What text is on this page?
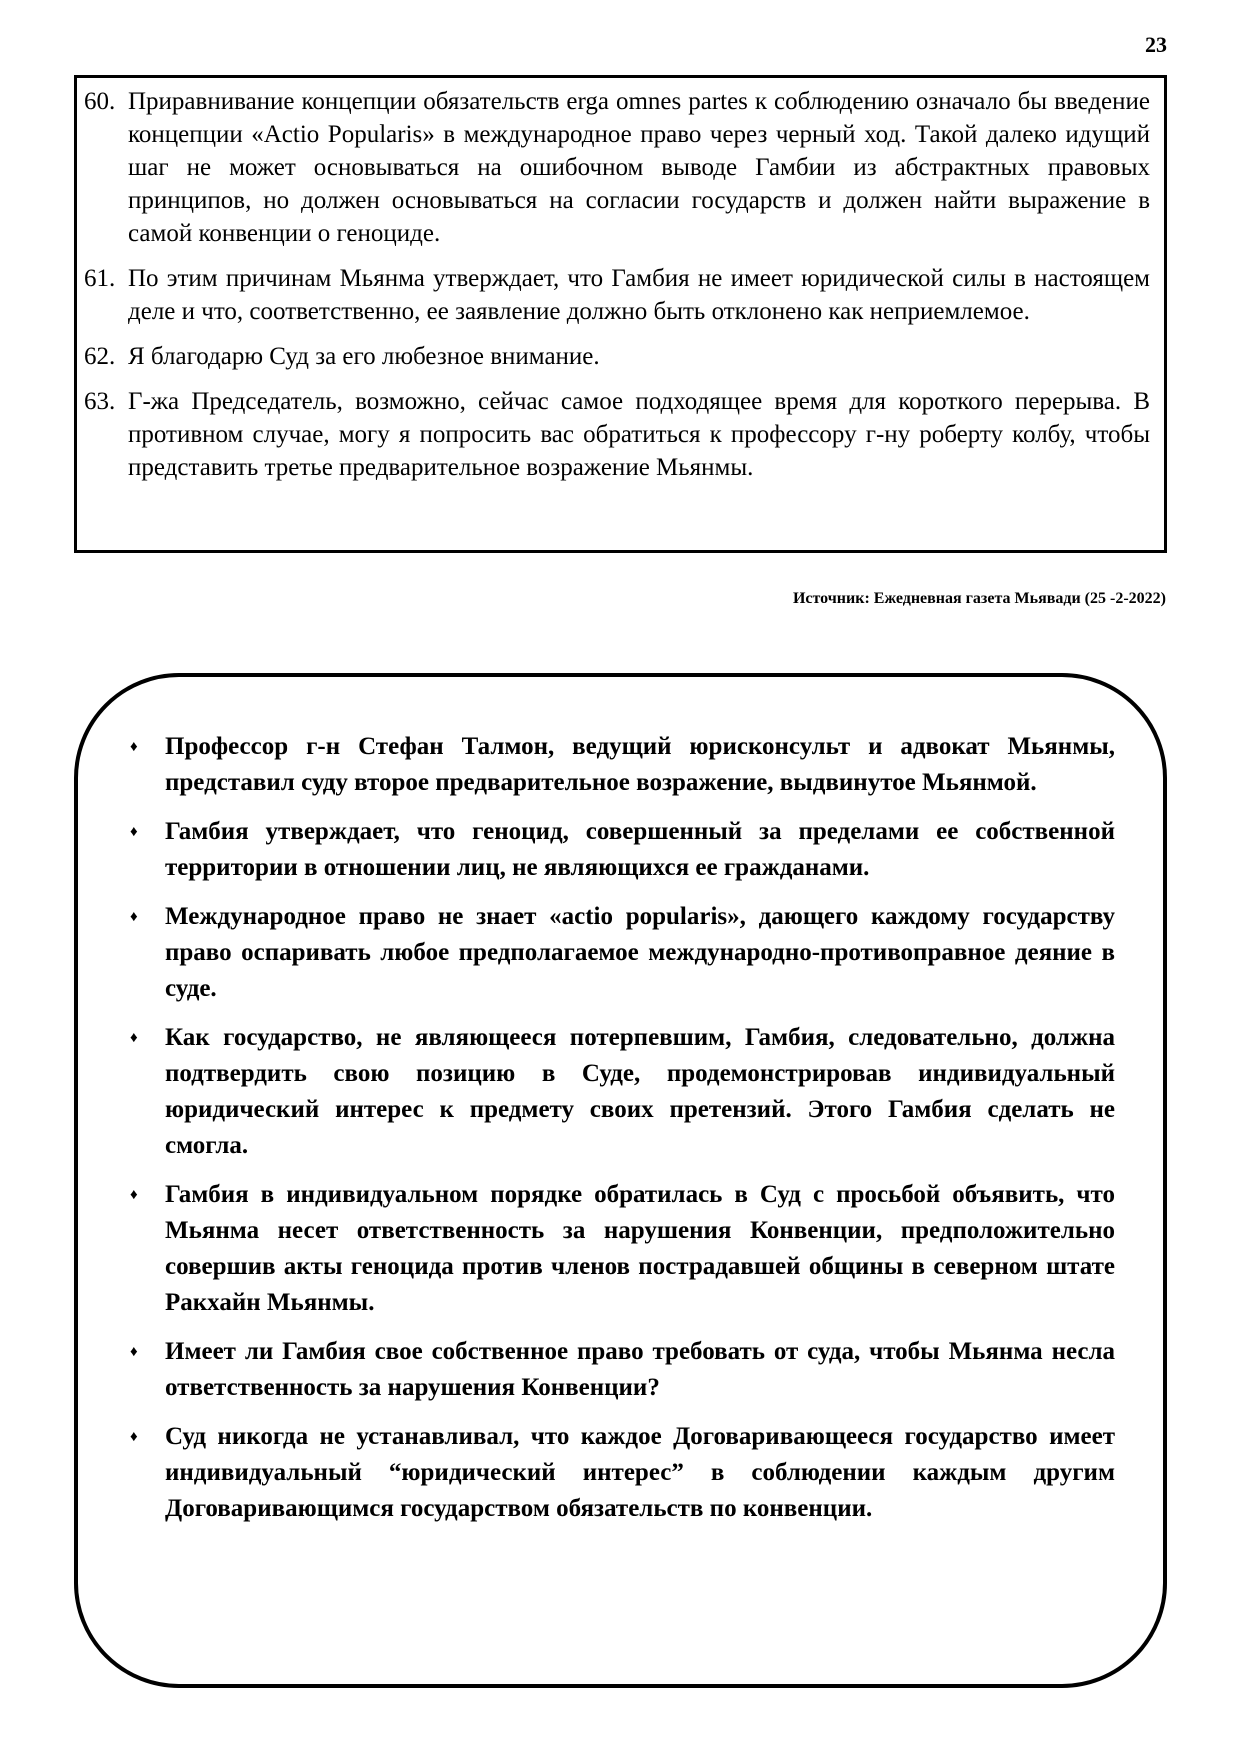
23
60. Приравнивание концепции обязательств erga omnes partes к соблюдению означало бы введение концепции «Actio Popularis» в международное право через черный ход. Такой далеко идущий шаг не может основываться на ошибочном выводе Гамбии из абстрактных правовых принципов, но должен основываться на согласии государств и должен найти выражение в самой конвенции о геноциде.
61. По этим причинам Мьянма утверждает, что Гамбия не имеет юридической силы в настоящем деле и что, соответственно, ее заявление должно быть отклонено как неприемлемое.
62. Я благодарю Суд за его любезное внимание.
63. Г-жа Председатель, возможно, сейчас самое подходящее время для короткого перерыва. В противном случае, могу я попросить вас обратиться к профессору г-ну роберту колбу, чтобы представить третье предварительное возражение Мьянмы.
Источник: Ежедневная газета Мьявади (25 -2-2022)
♦	Профессор г-н Стефан Талмон, ведущий юрисконсульт и адвокат Мьянмы, представил суду второе предварительное возражение, выдвинутое Мьянмой.
♦	Гамбия утверждает, что геноцид, совершенный за пределами ее собственной территории в отношении лиц, не являющихся ее гражданами.
♦	Международное право не знает «actio popularis», дающего каждому государству право оспаривать любое предполагаемое международно-противоправное деяние в суде.
♦	Как государство, не являющееся потерпевшим, Гамбия, следовательно, должна подтвердить свою позицию в Суде, продемонстрировав индивидуальный юридический интерес к предмету своих претензий. Этого Гамбия сделать не смогла.
♦	Гамбия в индивидуальном порядке обратилась в Суд с просьбой объявить, что Мьянма несет ответственность за нарушения Конвенции, предположительно совершив акты геноцида против членов пострадавшей общины в северном штате Ракхайн Мьянмы.
♦	Имеет ли Гамбия свое собственное право требовать от суда, чтобы Мьянма несла ответственность за нарушения Конвенции?
♦	Суд никогда не устанавливал, что каждое Договаривающееся государство имеет индивидуальный “юридический интерес” в соблюдении каждым другим Договаривающимся государством обязательств по конвенции.
